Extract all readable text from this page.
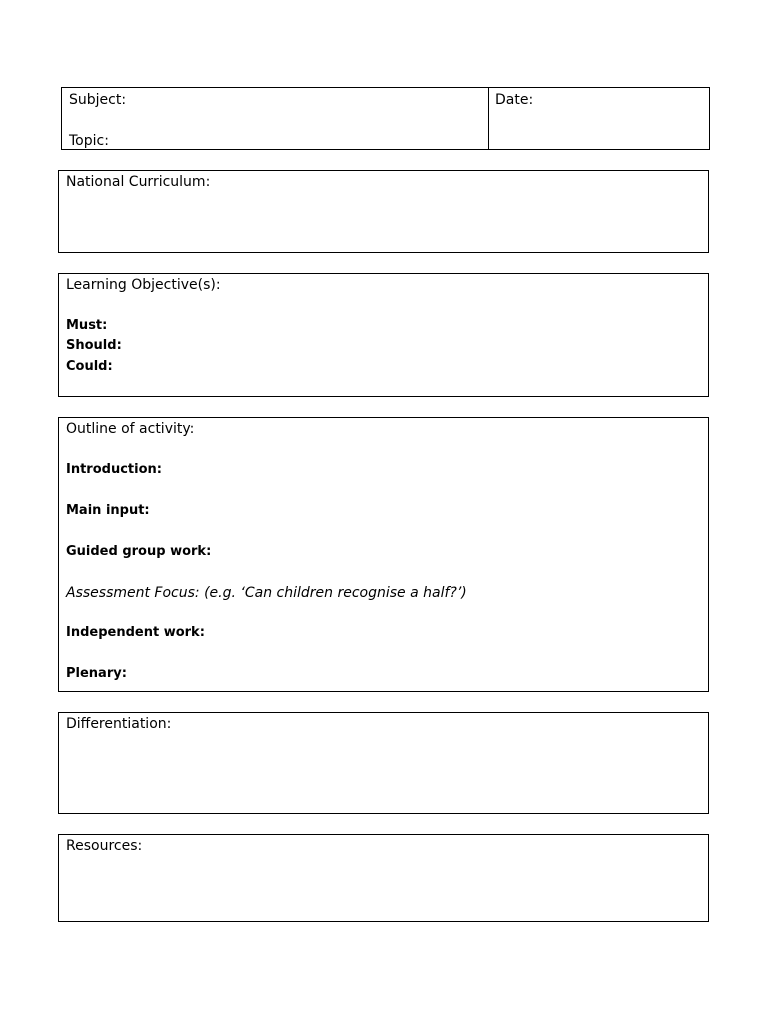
Subject:
Topic:
Date:
National Curriculum:
Learning Objective(s):
Must:
Should:
Could:
Outline of activity:
Introduction:
Main input:
Guided group work:
Assessment Focus: (e.g. ‘Can children recognise a half?’)
Independent work:
Plenary:
Differentiation:
Resources:
